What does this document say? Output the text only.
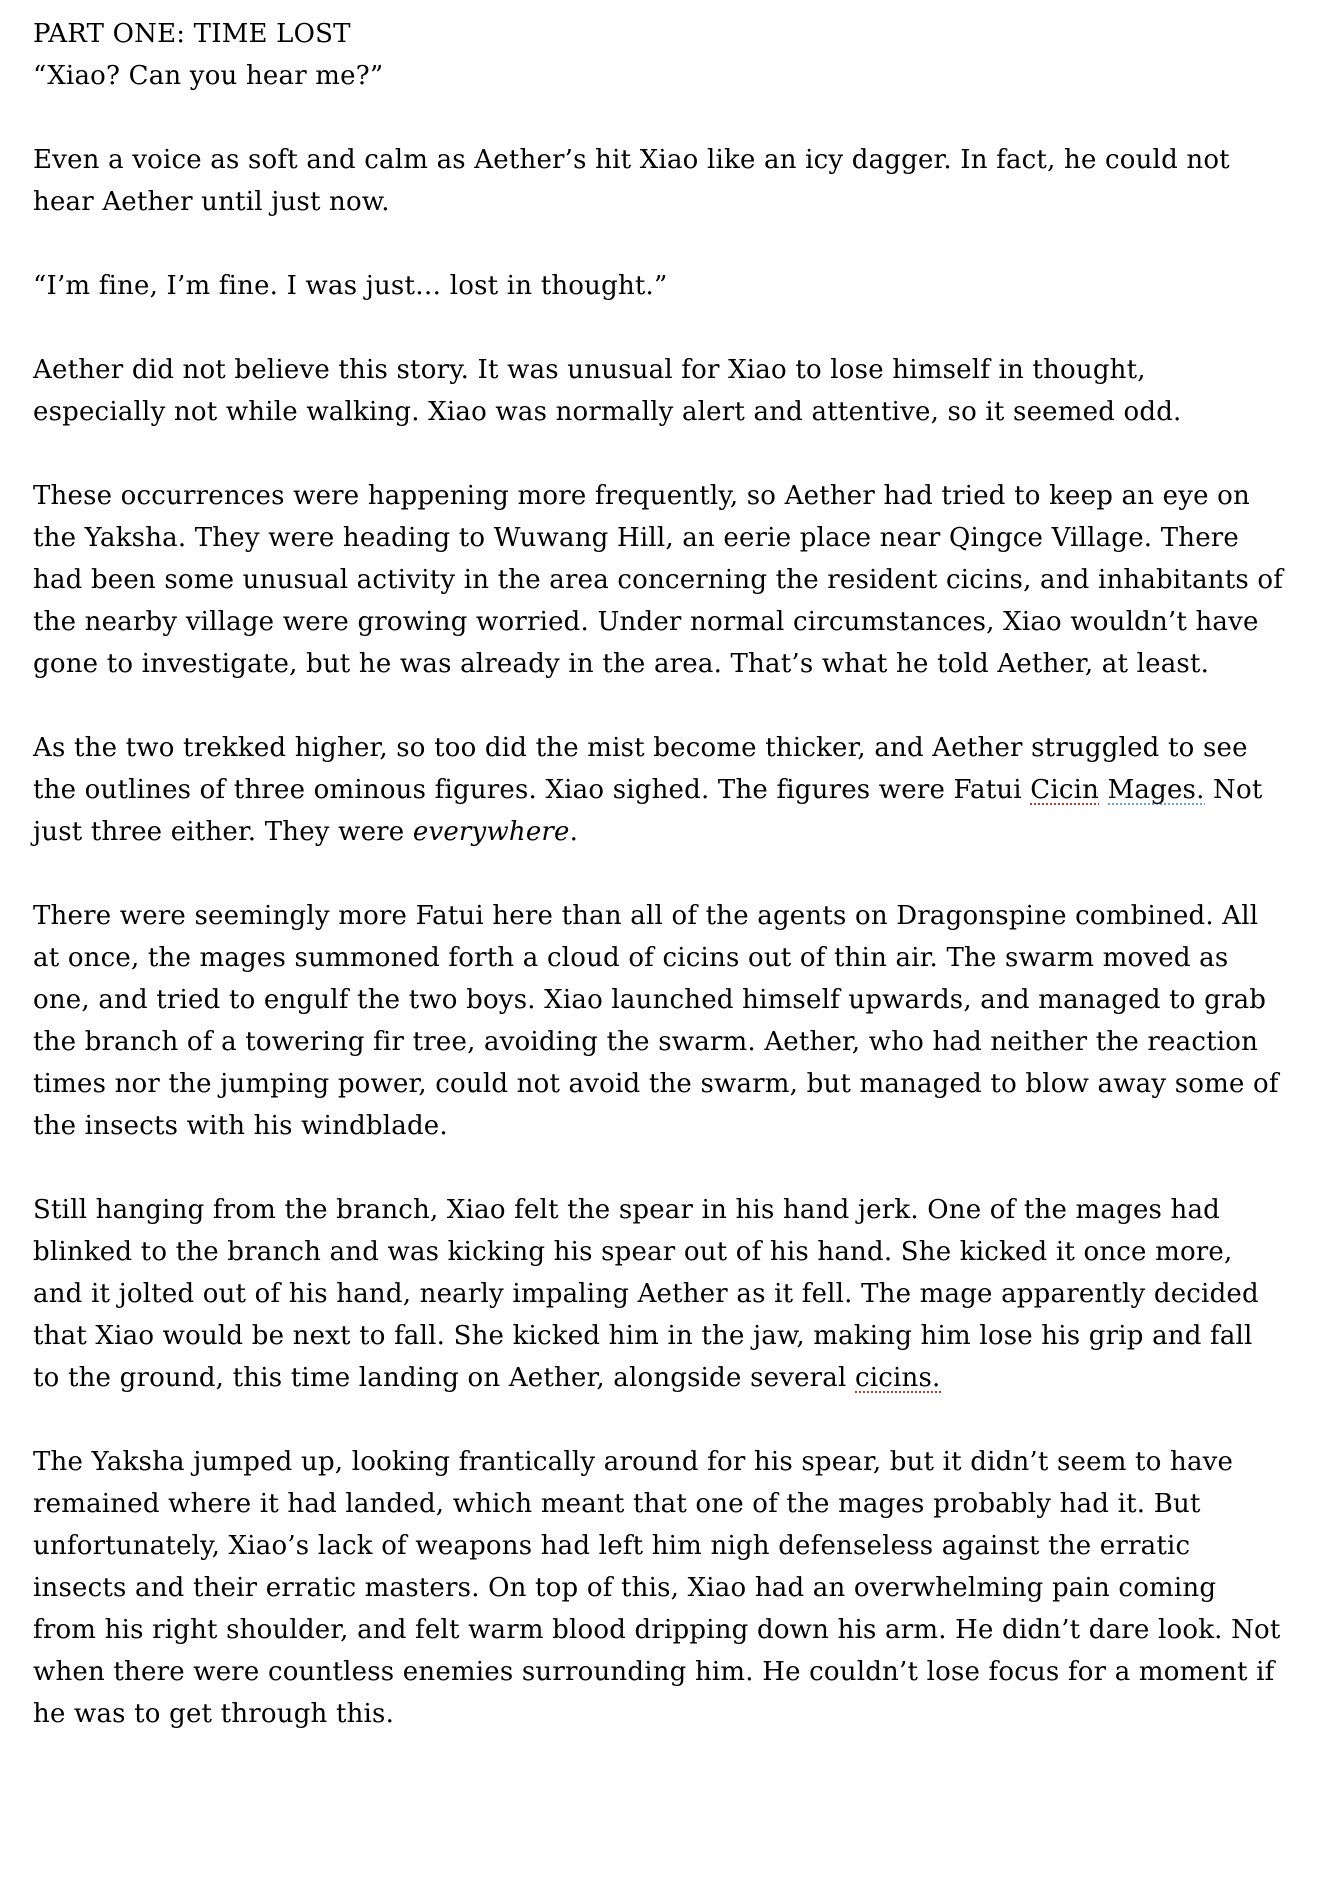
PART ONE: TIME LOST

“Xiao? Can you hear me?”

Even a voice as soft and calm as Aether’s hit Xiao like an icy dagger. In fact, he could not hear Aether until just now.

“I’m fine, I’m fine. I was just… lost in thought.”

Aether did not believe this story. It was unusual for Xiao to lose himself in thought, especially not while walking. Xiao was normally alert and attentive, so it seemed odd.

These occurrences were happening more frequently, so Aether had tried to keep an eye on the Yaksha. They were heading to Wuwang Hill, an eerie place near Qingce Village. There had been some unusual activity in the area concerning the resident cicins, and inhabitants of the nearby village were growing worried. Under normal circumstances, Xiao wouldn’t have gone to investigate, but he was already in the area. That’s what he told Aether, at least.

As the two trekked higher, so too did the mist become thicker, and Aether struggled to see the outlines of three ominous figures. Xiao sighed. The figures were Fatui Cicin Mages. Not just three either. They were everywhere.

There were seemingly more Fatui here than all of the agents on Dragonspine combined. All at once, the mages summoned forth a cloud of cicins out of thin air. The swarm moved as one, and tried to engulf the two boys. Xiao launched himself upwards, and managed to grab the branch of a towering fir tree, avoiding the swarm. Aether, who had neither the reaction times nor the jumping power, could not avoid the swarm, but managed to blow away some of the insects with his windblade.

Still hanging from the branch, Xiao felt the spear in his hand jerk. One of the mages had blinked to the branch and was kicking his spear out of his hand. She kicked it once more, and it jolted out of his hand, nearly impaling Aether as it fell. The mage apparently decided that Xiao would be next to fall. She kicked him in the jaw, making him lose his grip and fall to the ground, this time landing on Aether, alongside several cicins.

The Yaksha jumped up, looking frantically around for his spear, but it didn’t seem to have remained where it had landed, which meant that one of the mages probably had it. But unfortunately, Xiao’s lack of weapons had left him nigh defenseless against the erratic insects and their erratic masters. On top of this, Xiao had an overwhelming pain coming from his right shoulder, and felt warm blood dripping down his arm. He didn’t dare look. Not when there were countless enemies surrounding him. He couldn’t lose focus for a moment if he was to get through this.
